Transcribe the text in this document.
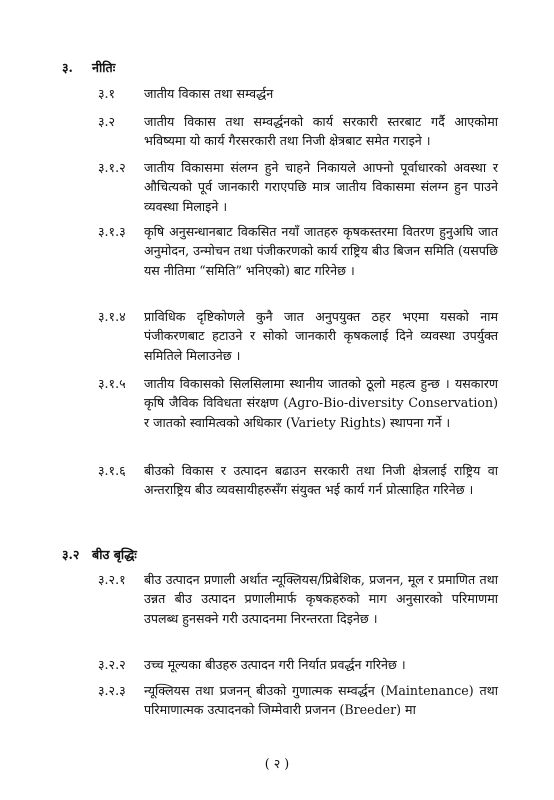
३. नीतिः
३.१ जातीय विकास तथा सम्वर्द्धन
३.२ जातीय विकास तथा सम्वर्द्धनको कार्य सरकारी स्तरबाट गर्दै आएकोमा भविष्यमा यो कार्य गैरसरकारी तथा निजी क्षेत्रबाट समेत गराइने ।
३.१.२ जातीय विकासमा संलग्न हुने चाहने निकायले आफ्नो पूर्वाधारको अवस्था र औचित्यको पूर्व जानकारी गराएपछि मात्र जातीय विकासमा संलग्न हुन पाउने व्यवस्था मिलाइने ।
३.१.३ कृषि अनुसन्धानबाट विकसित नयाँ जातहरु कृषकस्तरमा वितरण हुनुअघि जात अनुमोदन, उन्मोचन तथा पंजीकरणको कार्य राष्ट्रिय बीउ बिजन समिति (यसपछि यस नीतिमा “समिति” भनिएको) बाट गरिनेछ ।
३.१.४ प्राविधिक दृष्टिकोणले कुनै जात अनुपयुक्त ठहर भएमा यसको नाम पंजीकरणबाट हटाउने र सोको जानकारी कृषकलाई दिने व्यवस्था उपर्युक्त समितिले मिलाउनेछ ।
३.१.५ जातीय विकासको सिलसिलामा स्थानीय जातको ठूलो महत्व हुन्छ । यसकारण कृषि जैविक विविधता संरक्षण (Agro-Bio-diversity Conservation) र जातको स्वामित्वको अधिकार (Variety Rights) स्थापना गर्ने ।
३.१.६ बीउको विकास र उत्पादन बढाउन सरकारी तथा निजी क्षेत्रलाई राष्ट्रिय वा अन्तराष्ट्रिय बीउ व्यवसायीहरुसँग संयुक्त भई कार्य गर्न प्रोत्साहित गरिनेछ ।
३.२ बीउ बृद्धिः
३.२.१ बीउ उत्पादन प्रणाली अर्थात न्यूक्लियस/प्रिबेशिक, प्रजनन, मूल र प्रमाणित तथा उन्नत बीउ उत्पादन प्रणालीमार्फ कृषकहरुको माग अनुसारको परिमाणमा उपलब्ध हुनसक्ने गरी उत्पादनमा निरन्तरता दिइनेछ ।
३.२.२ उच्च मूल्यका बीउहरु उत्पादन गरी निर्यात प्रवर्द्धन गरिनेछ ।
३.२.३ न्यूक्लियस तथा प्रजनन् बीउको गुणात्मक सम्वर्द्धन (Maintenance) तथा परिमाणात्मक उत्पादनको जिम्मेवारी प्रजनन (Breeder) मा
( २ )
